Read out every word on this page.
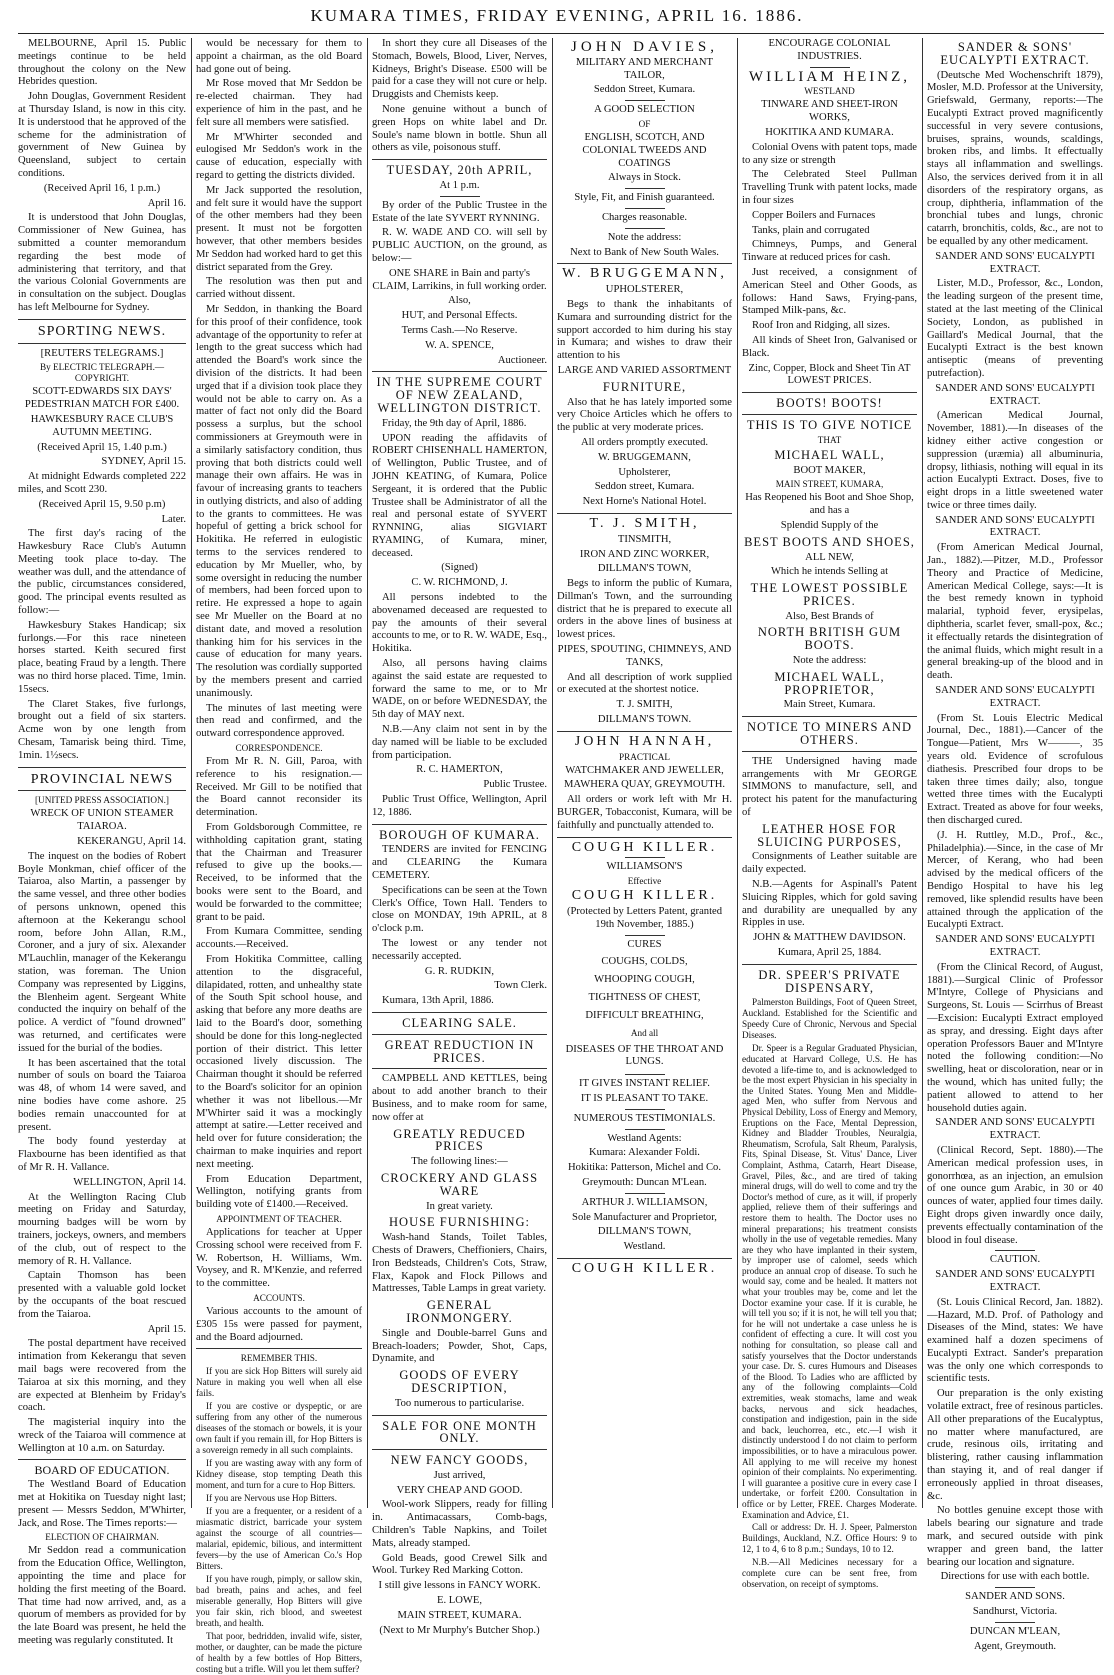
KUMARA TIMES, FRIDAY EVENING, APRIL 16. 1886.

MELBOURNE, April 15. Public meetings continue to be held throughout the colony on the New Hebrides question.

John Douglas, Government Resident at Thursday Island, is now in this city. It is understood that he approved of the scheme for the administration of government of New Guinea by Queensland, subject to certain conditions.

(Received April 16, 1 p.m.)

April 16.

It is understood that John Douglas, Commissioner of New Guinea, has submitted a counter memorandum regarding the best mode of administering that territory, and that the various Colonial Governments are in consultation on the subject. Douglas has left Melbourne for Sydney.

SPORTING NEWS.

[REUTERS TELEGRAMS.]

By ELECTRIC TELEGRAPH.—COPYRIGHT.

SCOTT-EDWARDS SIX DAYS' PEDESTRIAN MATCH FOR £400.

HAWKESBURY RACE CLUB'S AUTUMN MEETING.

(Received April 15, 1.40 p.m.)

SYDNEY, April 15.

At midnight Edwards completed 222 miles, and Scott 230.

(Received April 15, 9.50 p.m)

Later.

The first day's racing of the Hawkesbury Race Club's Autumn Meeting took place to-day. The weather was dull, and the attendance of the public, circumstances considered, good. The principal events resulted as follow:—

Hawkesbury Stakes Handicap; six furlongs.—For this race nineteen horses started. Keith secured first place, beating Fraud by a length. There was no third horse placed. Time, 1min. 15secs.

The Claret Stakes, five furlongs, brought out a field of six starters. Acme won by one length from Chesam, Tamarisk being third. Time, 1min. 1½secs.

PROVINCIAL NEWS

[UNITED PRESS ASSOCIATION.]

WRECK OF UNION STEAMER TAIAROA.

KEKERANGU, April 14.

The inquest on the bodies of Robert Boyle Monkman, chief officer of the Taiaroa, also Martin, a passenger by the same vessel, and three other bodies of persons unknown, opened this afternoon at the Kekerangu school room, before John Allan, R.M., Coroner, and a jury of six. Alexander M'Lauchlin, manager of the Kekerangu station, was foreman. The Union Company was represented by Liggins, the Blenheim agent. Sergeant White conducted the inquiry on behalf of the police. A verdict of "found drowned" was returned, and certificates were issued for the burial of the bodies.

It has been ascertained that the total number of souls on board the Taiaroa was 48, of whom 14 were saved, and nine bodies have come ashore. 25 bodies remain unaccounted for at present.

The body found yesterday at Flaxbourne has been identified as that of Mr R. H. Vallance.

WELLINGTON, April 14.

At the Wellington Racing Club meeting on Friday and Saturday, mourning badges will be worn by trainers, jockeys, owners, and members of the club, out of respect to the memory of R. H. Vallance.

Captain Thomson has been presented with a valuable gold locket by the occupants of the boat rescued from the Taiaroa.

April 15.

The postal department have received intimation from Kekerangu that seven mail bags were recovered from the Taiaroa at six this morning, and they are expected at Blenheim by Friday's coach.

The magisterial inquiry into the wreck of the Taiaroa will commence at Wellington at 10 a.m. on Saturday.

BOARD OF EDUCATION.

The Westland Board of Education met at Hokitika on Tuesday night last; present — Messrs Seddon, M'Whirter, Jack, and Rose. The Times reports:—

ELECTION OF CHAIRMAN.

Mr Seddon read a communication from the Education Office, Wellington, appointing the time and place for holding the first meeting of the Board. That time had now arrived, and, as a quorum of members as provided for by the late Board was present, he held the meeting was regularly constituted. It

would be necessary for them to appoint a chairman, as the old Board had gone out of being.

Mr Rose moved that Mr Seddon be re-elected chairman. They had experience of him in the past, and he felt sure all members were satisfied.

Mr M'Whirter seconded and eulogised Mr Seddon's work in the cause of education, especially with regard to getting the districts divided.

Mr Jack supported the resolution, and felt sure it would have the support of the other members had they been present. It must not be forgotten however, that other members besides Mr Seddon had worked hard to get this district separated from the Grey.

The resolution was then put and carried without dissent.

Mr Seddon, in thanking the Board for this proof of their confidence, took advantage of the opportunity to refer at length to the great success which had attended the Board's work since the division of the districts. It had been urged that if a division took place they would not be able to carry on. As a matter of fact not only did the Board possess a surplus, but the school commissioners at Greymouth were in a similarly satisfactory condition, thus proving that both districts could well manage their own affairs. He was in favour of increasing grants to teachers in outlying districts, and also of adding to the grants to committees. He was hopeful of getting a brick school for Hokitika. He referred in eulogistic terms to the services rendered to education by Mr Mueller, who, by some oversight in reducing the number of members, had been forced upon to retire. He expressed a hope to again see Mr Mueller on the Board at no distant date, and moved a resolution thanking him for his services in the cause of education for many years. The resolution was cordially supported by the members present and carried unanimously.

The minutes of last meeting were then read and confirmed, and the outward correspondence approved.

CORRESPONDENCE.

From Mr R. N. Gill, Paroa, with reference to his resignation.—Received. Mr Gill to be notified that the Board cannot reconsider its determination.

From Goldsborough Committee, re withholding capitation grant, stating that the Chairman and Treasurer refused to give up the books.—Received, to be informed that the books were sent to the Board, and would be forwarded to the committee; grant to be paid.

From Kumara Committee, sending accounts.—Received.

From Hokitika Committee, calling attention to the disgraceful, dilapidated, rotten, and unhealthy state of the South Spit school house, and asking that before any more deaths are laid to the Board's door, something should be done for this long-neglected portion of their district. This letter occasioned lively discussion. The Chairman thought it should be referred to the Board's solicitor for an opinion whether it was not libellous.—Mr M'Whirter said it was a mockingly attempt at satire.—Letter received and held over for future consideration; the chairman to make inquiries and report next meeting.

From Education Department, Wellington, notifying grants from building vote of £1400.—Received.

APPOINTMENT OF TEACHER.

Applications for teacher at Upper Crossing school were received from F. W. Robertson, H. Williams, Wm. Voysey, and R. M'Kenzie, and referred to the committee.

ACCOUNTS.

Various accounts to the amount of £305 15s were passed for payment, and the Board adjourned.

REMEMBER THIS.

If you are sick Hop Bitters will surely aid Nature in making you well when all else fails.

If you are costive or dyspeptic, or are suffering from any other of the numerous diseases of the stomach or bowels, it is your own fault if you remain ill, for Hop Bitters is a sovereign remedy in all such complaints.

If you are wasting away with any form of Kidney disease, stop tempting Death this moment, and turn for a cure to Hop Bitters.

If you are Nervous use Hop Bitters.

If you are a frequenter, or a resident of a miasmatic district, barricade your system against the scourge of all countries—malarial, epidemic, bilious, and intermittent fevers—by the use of American Co.'s Hop Bitters.

If you have rough, pimply, or sallow skin, bad breath, pains and aches, and feel miserable generally, Hop Bitters will give you fair skin, rich blood, and sweetest breath, and health.

That poor, bedridden, invalid wife, sister, mother, or daughter, can be made the picture of health by a few bottles of Hop Bitters, costing but a trifle. Will you let them suffer?

In short they cure all Diseases of the Stomach, Bowels, Blood, Liver, Nerves, Kidneys, Bright's Disease. £500 will be paid for a case they will not cure or help. Druggists and Chemists keep.

None genuine without a bunch of green Hops on white label and Dr. Soule's name blown in bottle. Shun all others as vile, poisonous stuff.

TUESDAY, 20th APRIL,

At 1 p.m.

By order of the Public Trustee in the Estate of the late SYVERT RYNNING.

R. W. WADE AND CO. will sell by PUBLIC AUCTION, on the ground, as below:—

ONE SHARE in Bain and party's CLAIM, Larrikins, in full working order.

Also,

HUT, and Personal Effects.

Terms Cash.—No Reserve.

W. A. SPENCE,

Auctioneer.

IN THE SUPREME COURT OF NEW ZEALAND, WELLINGTON DISTRICT.

Friday, the 9th day of April, 1886.

UPON reading the affidavits of ROBERT CHISENHALL HAMERTON, of Wellington, Public Trustee, and of JOHN KEATING, of Kumara, Police Sergeant, it is ordered that the Public Trustee shall be Administrator of all the real and personal estate of SYVERT RYNNING, alias SIGVIART RYAMING, of Kumara, miner, deceased.

(Signed)

C. W. RICHMOND, J.

All persons indebted to the abovenamed deceased are requested to pay the amounts of their several accounts to me, or to R. W. WADE, Esq., Hokitika.

Also, all persons having claims against the said estate are requested to forward the same to me, or to Mr WADE, on or before WEDNESDAY, the 5th day of MAY next.

N.B.—Any claim not sent in by the day named will be liable to be excluded from participation.

R. C. HAMERTON,

Public Trustee.

Public Trust Office, Wellington, April 12, 1886.

BOROUGH OF KUMARA.

TENDERS are invited for FENCING and CLEARING the Kumara CEMETERY.

Specifications can be seen at the Town Clerk's Office, Town Hall. Tenders to close on MONDAY, 19th APRIL, at 8 o'clock p.m.

The lowest or any tender not necessarily accepted.

G. R. RUDKIN,

Town Clerk.

Kumara, 13th April, 1886.

CLEARING SALE.

GREAT REDUCTION IN PRICES.

CAMPBELL AND KETTLES, being about to add another branch to their Business, and to make room for same, now offer at

GREATLY REDUCED PRICES

The following lines:—

CROCKERY AND GLASS WARE

In great variety.

HOUSE FURNISHING:

Wash-hand Stands, Toilet Tables, Chests of Drawers, Cheffioniers, Chairs, Iron Bedsteads, Children's Cots, Straw, Flax, Kapok and Flock Pillows and Mattresses, Table Lamps in great variety.

GENERAL IRONMONGERY.

Single and Double-barrel Guns and Breach-loaders; Powder, Shot, Caps, Dynamite, and

GOODS OF EVERY DESCRIPTION,

Too numerous to particularise.

SALE FOR ONE MONTH ONLY.

NEW FANCY GOODS,

Just arrived,

VERY CHEAP AND GOOD.

Wool-work Slippers, ready for filling in. Antimacassars, Comb-bags, Children's Table Napkins, and Toilet Mats, already stamped.

Gold Beads, good Crewel Silk and Wool. Turkey Red Marking Cotton.

I still give lessons in FANCY WORK.

E. LOWE,

MAIN STREET, KUMARA.

(Next to Mr Murphy's Butcher Shop.)

JOHN DAVIES,

MILITARY AND MERCHANT TAILOR,

Seddon Street, Kumara.

A GOOD SELECTION

OF

ENGLISH, SCOTCH, AND COLONIAL TWEEDS AND COATINGS

Always in Stock.

Style, Fit, and Finish guaranteed.

Charges reasonable.

Note the address:

Next to Bank of New South Wales.

W. BRUGGEMANN,

UPHOLSTERER,

Begs to thank the inhabitants of Kumara and surrounding district for the support accorded to him during his stay in Kumara; and wishes to draw their attention to his

LARGE AND VARIED ASSORTMENT

FURNITURE,

Also that he has lately imported some very Choice Articles which he offers to the public at very moderate prices.

All orders promptly executed.

W. BRUGGEMANN,

Upholsterer,

Seddon street, Kumara.

Next Horne's National Hotel.

T. J. SMITH,

TINSMITH,

IRON AND ZINC WORKER,

DILLMAN'S TOWN,

Begs to inform the public of Kumara, Dillman's Town, and the surrounding district that he is prepared to execute all orders in the above lines of business at lowest prices.

PIPES, SPOUTING, CHIMNEYS, AND TANKS,

And all description of work supplied or executed at the shortest notice.

T. J. SMITH,

DILLMAN'S TOWN.

JOHN HANNAH,

PRACTICAL

WATCHMAKER AND JEWELLER,

MAWHERA QUAY, GREYMOUTH.

All orders or work left with Mr H. BURGER, Tobacconist, Kumara, will be faithfully and punctually attended to.

COUGH KILLER.

WILLIAMSON'S

Effective

COUGH KILLER.

(Protected by Letters Patent, granted 19th November, 1885.)

CURES

COUGHS, COLDS,

WHOOPING COUGH,

TIGHTNESS OF CHEST,

DIFFICULT BREATHING,

And all

DISEASES OF THE THROAT AND LUNGS.

IT GIVES INSTANT RELIEF.

IT IS PLEASANT TO TAKE.

NUMEROUS TESTIMONIALS.

Westland Agents:

Kumara: Alexander Foldi.

Hokitika: Patterson, Michel and Co.

Greymouth: Duncan M'Lean.

ARTHUR J. WILLIAMSON,

Sole Manufacturer and Proprietor,

DILLMAN'S TOWN,

Westland.

COUGH KILLER.

ENCOURAGE COLONIAL INDUSTRIES.

WILLIAM HEINZ,

WESTLAND

TINWARE AND SHEET-IRON WORKS,

HOKITIKA AND KUMARA.

Colonial Ovens with patent tops, made to any size or strength

The Celebrated Steel Pullman Travelling Trunk with patent locks, made in four sizes

Copper Boilers and Furnaces

Tanks, plain and corrugated

Chimneys, Pumps, and General Tinware at reduced prices for cash.

Just received, a consignment of American Steel and Other Goods, as follows: Hand Saws, Frying-pans, Stamped Milk-pans, &c.

Roof Iron and Ridging, all sizes.

All kinds of Sheet Iron, Galvanised or Black.

Zinc, Copper, Block and Sheet Tin AT LOWEST PRICES.

BOOTS! BOOTS!

THIS IS TO GIVE NOTICE

THAT

MICHAEL WALL,

BOOT MAKER,

MAIN STREET, KUMARA,

Has Reopened his Boot and Shoe Shop, and has a

Splendid Supply of the

BEST BOOTS AND SHOES,

ALL NEW,

Which he intends Selling at

THE LOWEST POSSIBLE PRICES.

Also, Best Brands of

NORTH BRITISH GUM BOOTS.

Note the address:

MICHAEL WALL, PROPRIETOR,

Main Street, Kumara.

NOTICE TO MINERS AND OTHERS.

THE Undersigned having made arrangements with Mr GEORGE SIMMONS to manufacture, sell, and protect his patent for the manufacturing of

LEATHER HOSE FOR SLUICING PURPOSES,

Consignments of Leather suitable are daily expected.

N.B.—Agents for Aspinall's Patent Sluicing Ripples, which for gold saving and durability are unequalled by any Ripples in use.

JOHN & MATTHEW DAVIDSON.

Kumara, April 25, 1884.

DR. SPEER'S PRIVATE DISPENSARY,

Palmerston Buildings, Foot of Queen Street, Auckland. Established for the Scientific and Speedy Cure of Chronic, Nervous and Special Diseases.

Dr. Speer is a Regular Graduated Physician, educated at Harvard College, U.S. He has devoted a life-time to, and is acknowledged to be the most expert Physician in his specialty in the United States. Young Men and Middle-aged Men, who suffer from Nervous and Physical Debility, Loss of Energy and Memory, Eruptions on the Face, Mental Depression, Kidney and Bladder Troubles, Neuralgia, Rheumatism, Scrofula, Salt Rheum, Paralysis, Fits, Spinal Disease, St. Vitus' Dance, Liver Complaint, Asthma, Catarrh, Heart Disease, Gravel, Piles, &c., and are tired of taking mineral drugs, will do well to come and try the Doctor's method of cure, as it will, if properly applied, relieve them of their sufferings and restore them to health. The Doctor uses no mineral preparations; his treatment consists wholly in the use of vegetable remedies. Many are they who have implanted in their system, by improper use of calomel, seeds which produce an annual crop of disease. To such he would say, come and be healed. It matters not what your troubles may be, come and let the Doctor examine your case. If it is curable, he will tell you so; if it is not, he will tell you that; for he will not undertake a case unless he is confident of effecting a cure. It will cost you nothing for consultation, so please call and satisfy yourselves that the Doctor understands your case. Dr. S. cures Humours and Diseases of the Blood. To Ladies who are afflicted by any of the following complaints—Cold extremities, weak stomachs, lame and weak backs, nervous and sick headaches, constipation and indigestion, pain in the side and back, leuchorrea, etc., etc.—I wish it distinctly understood I do not claim to perform impossibilities, or to have a miraculous power. All applying to me will receive my honest opinion of their complaints. No experimenting. I will guarantee a positive cure in every case I undertake, or forfeit £200. Consultation in office or by Letter, FREE. Charges Moderate. Examination and Advice, £1.

Call or address: Dr. H. J. Speer, Palmerston Buildings, Auckland, N.Z. Office Hours: 9 to 12, 1 to 4, 6 to 8 p.m.; Sundays, 10 to 12.

N.B.—All Medicines necessary for a complete cure can be sent free, from observation, on receipt of symptoms.

SANDER & SONS' EUCALYPTI EXTRACT.

(Deutsche Med Wochenschrift 1879), Mosler, M.D. Professor at the University, Griefswald, Germany, reports:—The Eucalypti Extract proved magnificently successful in very severe contusions, bruises, sprains, wounds, scaldings, broken ribs, and limbs. It effectually stays all inflammation and swellings. Also, the services derived from it in all disorders of the respiratory organs, as croup, diphtheria, inflammation of the bronchial tubes and lungs, chronic catarrh, bronchitis, colds, &c., are not to be equalled by any other medicament.

SANDER AND SONS' EUCALYPTI EXTRACT.

Lister, M.D., Professor, &c., London, the leading surgeon of the present time, stated at the last meeting of the Clinical Society, London, as published in Gaillard's Medical Journal, that the Eucalypti Extract is the best known antiseptic (means of preventing putrefaction).

SANDER AND SONS' EUCALYPTI EXTRACT.

(American Medical Journal, November, 1881).—In diseases of the kidney either active congestion or suppression (uræmia) all albuminuria, dropsy, lithiasis, nothing will equal in its action Eucalypti Extract. Doses, five to eight drops in a little sweetened water twice or three times daily.

SANDER AND SONS' EUCALYPTI EXTRACT.

(From American Medical Journal, Jan., 1882).—Pitzer, M.D., Professor Theory and Practice of Medicine, American Medical College, says:—It is the best remedy known in typhoid malarial, typhoid fever, erysipelas, diphtheria, scarlet fever, small-pox, &c.; it effectually retards the disintegration of the animal fluids, which might result in a general breaking-up of the blood and in death.

SANDER AND SONS' EUCALYPTI EXTRACT.

(From St. Louis Electric Medical Journal, Dec., 1881).—Cancer of the Tongue—Patient, Mrs W———, 35 years old. Evidence of scrofulous diathesis. Prescribed four drops to be taken three times daily; also, tongue wetted three times with the Eucalypti Extract. Treated as above for four weeks, then discharged cured.

(J. H. Ruttley, M.D., Prof., &c., Philadelphia).—Since, in the case of Mr Mercer, of Kerang, who had been advised by the medical officers of the Bendigo Hospital to have his leg removed, like splendid results have been attained through the application of the Eucalypti Extract.

SANDER AND SONS' EUCALYPTI EXTRACT.

(From the Clinical Record, of August, 1881).—Surgical Clinic of Professor M'Intyre, College of Physicians and Surgeons, St. Louis — Scirrhus of Breast—Excision: Eucalypti Extract employed as spray, and dressing. Eight days after operation Professors Bauer and M'Intyre noted the following condition:—No swelling, heat or discoloration, near or in the wound, which has united fully; the patient allowed to attend to her household duties again.

SANDER AND SONS' EUCALYPTI EXTRACT.

(Clinical Record, Sept. 1880).—The American medical profession uses, in gonorrhœa, as an injection, an emulsion of one ounce gum Arabic, in 30 or 40 ounces of water, applied four times daily. Eight drops given inwardly once daily, prevents effectually contamination of the blood in foul disease.

CAUTION.

SANDER AND SONS' EUCALYPTI EXTRACT.

(St. Louis Clinical Record, Jan. 1882).—Hazard, M.D. Prof. of Pathology and Diseases of the Mind, states: We have examined half a dozen specimens of Eucalypti Extract. Sander's preparation was the only one which corresponds to scientific tests.

Our preparation is the only existing volatile extract, free of resinous particles. All other preparations of the Eucalyptus, no matter where manufactured, are crude, resinous oils, irritating and blistering, rather causing inflammation than staying it, and of real danger if erroneously applied in throat diseases, &c.

No bottles genuine except those with labels bearing our signature and trade mark, and secured outside with pink wrapper and green band, the latter bearing our location and signature.

Directions for use with each bottle.

SANDER AND SONS.

Sandhurst, Victoria.

DUNCAN M'LEAN,

Agent, Greymouth.
